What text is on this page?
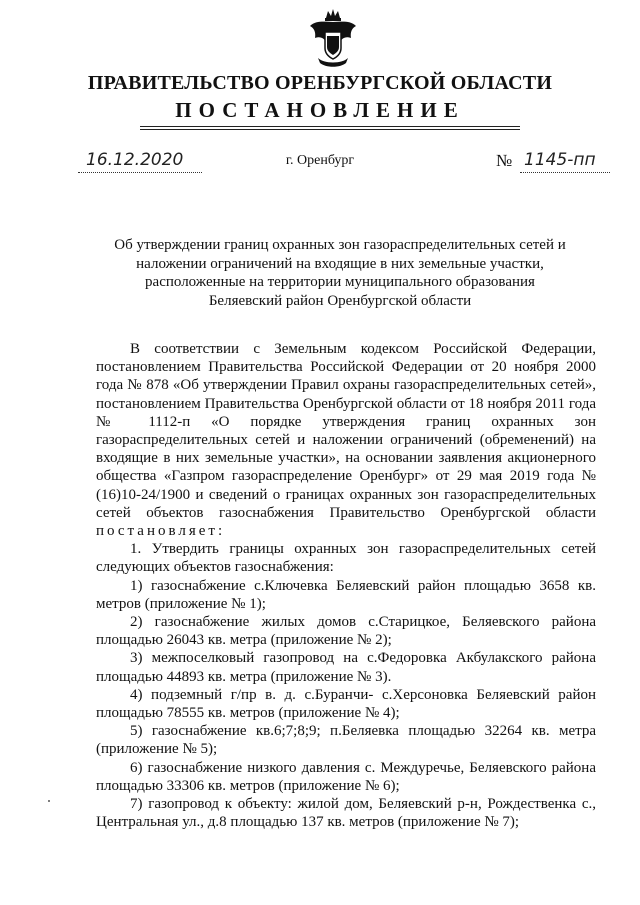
ПРАВИТЕЛЬСТВО ОРЕНБУРГСКОЙ ОБЛАСТИ
ПОСТАНОВЛЕНИЕ
16.12.2020	г. Оренбург	№ 1145-пп
Об утверждении границ охранных зон газораспределительных сетей и
наложении ограничений на входящие в них земельные участки,
расположенные на территории муниципального образования
Беляевский район Оренбургской области

В соответствии с Земельным кодексом Российской Федерации, постановлением Правительства Российской Федерации от 20 ноября 2000 года № 878 «Об утверждении Правил охраны газораспределительных сетей», постановлением Правительства Оренбургской области от 18 ноября 2011 года № 1112-п «О порядке утверждения границ охранных зон газораспределительных сетей и наложении ограничений (обременений) на входящие в них земельные участки», на основании заявления акционерного общества «Газпром газораспределение Оренбург» от 29 мая 2019 года № (16)10-24/1900 и сведений о границах охранных зон газораспределительных сетей объектов газоснабжения Правительство Оренбургской области постановляет:

1. Утвердить границы охранных зон газораспределительных сетей следующих объектов газоснабжения:

1) газоснабжение с.Ключевка Беляевский район площадью 3658 кв. метров (приложение № 1);

2) газоснабжение жилых домов с.Старицкое, Беляевского района площадью 26043 кв. метра (приложение № 2);

3) межпоселковый газопровод на с.Федоровка Акбулакского района площадью 44893 кв. метра (приложение № 3).

4) подземный г/пр в. д. с.Буранчи- с.Херсоновка Беляевский район площадью 78555 кв. метров (приложение № 4);

5) газоснабжение кв.6;7;8;9; п.Беляевка площадью 32264 кв. метра (приложение № 5);

6) газоснабжение низкого давления с. Междуречье, Беляевского района площадью 33306 кв. метров (приложение № 6);

7) газопровод к объекту: жилой дом, Беляевский р-н, Рождественка с., Центральная ул., д.8 площадью 137 кв. метров (приложение № 7);
